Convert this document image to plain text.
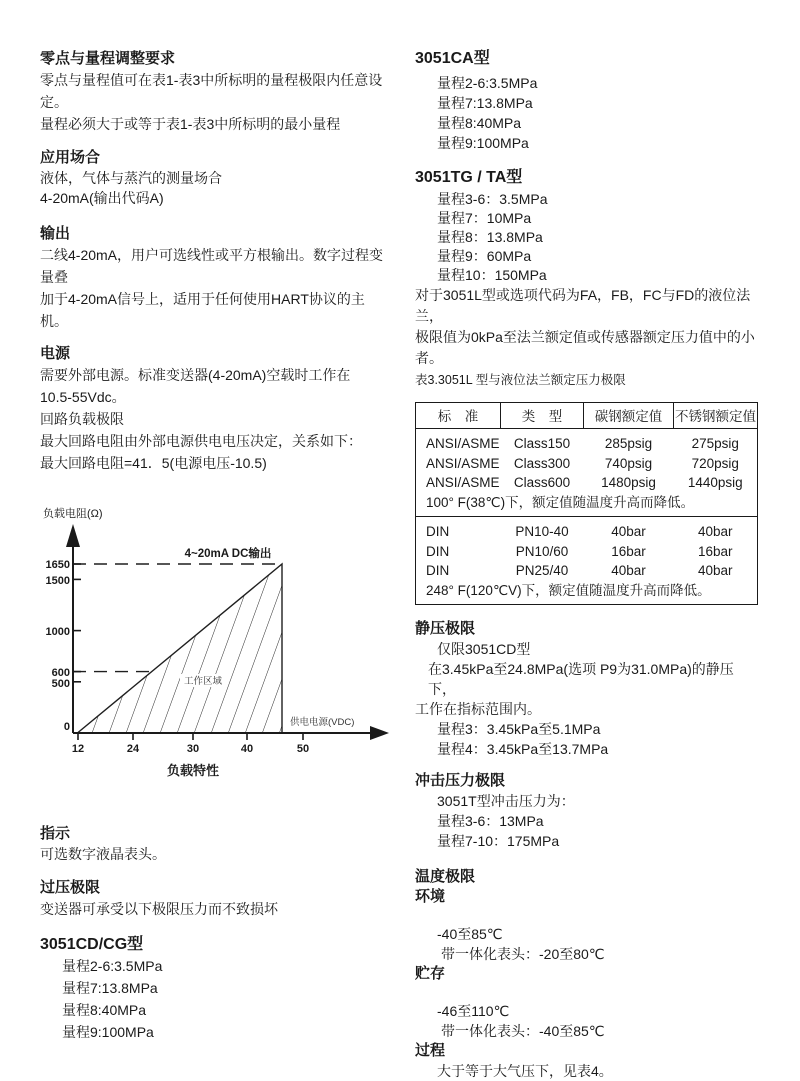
零点与量程调整要求
零点与量程值可在表1-表3中所标明的量程极限内任意设定。
量程必须大于或等于表1-表3中所标明的最小量程
应用场合
液体，气体与蒸汽的测量场合
4-20mA(输出代码A)
输出
二线4-20mA，用户可选线性或平方根输出。数字过程变量叠
加于4-20mA信号上，适用于任何使用HART协议的主机。
电源
需要外部电源。标准变送器(4-20mA)空载时工作在
10.5-55Vdc。
回路负载极限
最大回路电阻由外部电源供电电压决定，关系如下：
最大回路电阻=41．5(电源电压-10.5)
负载电阻(Ω)
1650
1500
1000
600
500
0
4~20mA DC输出
工作区域
供电电源(VDC)
12	24	30	40	50
负载特性
指示
可选数字液晶表头。
过压极限
变送器可承受以下极限压力而不致损坏
3051CD/CG型
量程2-6:3.5MPa
量程7:13.8MPa
量程8:40MPa
量程9:100MPa
3051CA型
量程2-6:3.5MPa
量程7:13.8MPa
量程8:40MPa
量程9:100MPa
3051TG / TA型
量程3-6：3.5MPa
量程7：10MPa
量程8：13.8MPa
量程9：60MPa
量程10：150MPa
对于3051L型或选项代码为FA，FB，FC与FD的液位法兰，
极限值为0kPa至法兰额定值或传感器额定压力值中的小者。
表3.3051L 型与液位法兰额定压力极限
标　准	类　型	碳钢额定值	不锈钢额定值
ANSI/ASME	Class150	285psig	275psig
ANSI/ASME	Class300	740psig	720psig
ANSI/ASME	Class600	1480psig	1440psig
100° F(38℃)下，额定值随温度升高而降低。			
DIN	PN10-40	40bar	40bar
DIN	PN10/60	16bar	16bar
DIN	PN25/40	40bar	40bar
248° F(120℃V)下，额定值随温度升高而降低。			
静压极限
仅限3051CD型
在3.45kPa至24.8MPa(选项 P9为31.0MPa)的静压下，
工作在指标范围内。
量程3：3.45kPa至5.1MPa
量程4：3.45kPa至13.7MPa
冲击压力极限
3051T型冲击压力为：
量程3-6：13MPa
量程7-10：175MPa
温度极限
环境
-40至85℃
带一体化表头：-20至80℃
贮存
-46至110℃
带一体化表头：-40至85℃
过程
大于等于大气压下，见表4。
